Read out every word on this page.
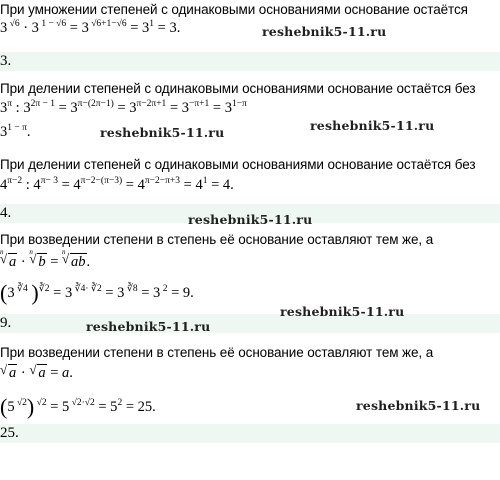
При умножении степеней с одинаковыми основаниями основание остаётся
3 $^{√6}$ · 3 $^{1 - √6}$ = 3 $^{√6+1-√6} = 3^1 = 3$.	reshebnik5-11.ru
3.
При делении степеней с одинаковыми основаниями основание остаётся без
$3^\pi$ : $3^{2\pi - 1} = 3^{\pi-(2\pi-1)} = 3^{\pi-2\pi+1} = 3^{-\pi+1} = 3^{1-\pi}$
$3^{1 - \pi}$.	reshebnik5-11.ru	reshebnik5-11.ru
При делении степеней с одинаковыми основаниями основание остаётся без
$4^{\pi-2}$ : $4^{\pi- 3} = 4^{\pi-2-(\pi-3)} = 4^{\pi-2-\pi+3} = 4^1 = 4$.
4.	reshebnik5-11.ru
При возведении степени в степень её основание оставляют тем же, а
n
√ a ·
n
√ b =
n
√ ab.
(3 $^{∛4}$ )$^{∛2}$ = 3 $^{∛4\cdot ∛2}$ = 3 $^{∛8}$ = 3 $^2$ = 9.
9.	reshebnik5-11.ru
reshebnik5-11.ru
При возведении степени в степень её основание оставляют тем же, а
√ a · √ a = a.
(5 $^{√2}$) $^{√2}$ = 5 $^{√2\cdot√2} = 5^2 = 25$.	reshebnik5-11.ru
25.
